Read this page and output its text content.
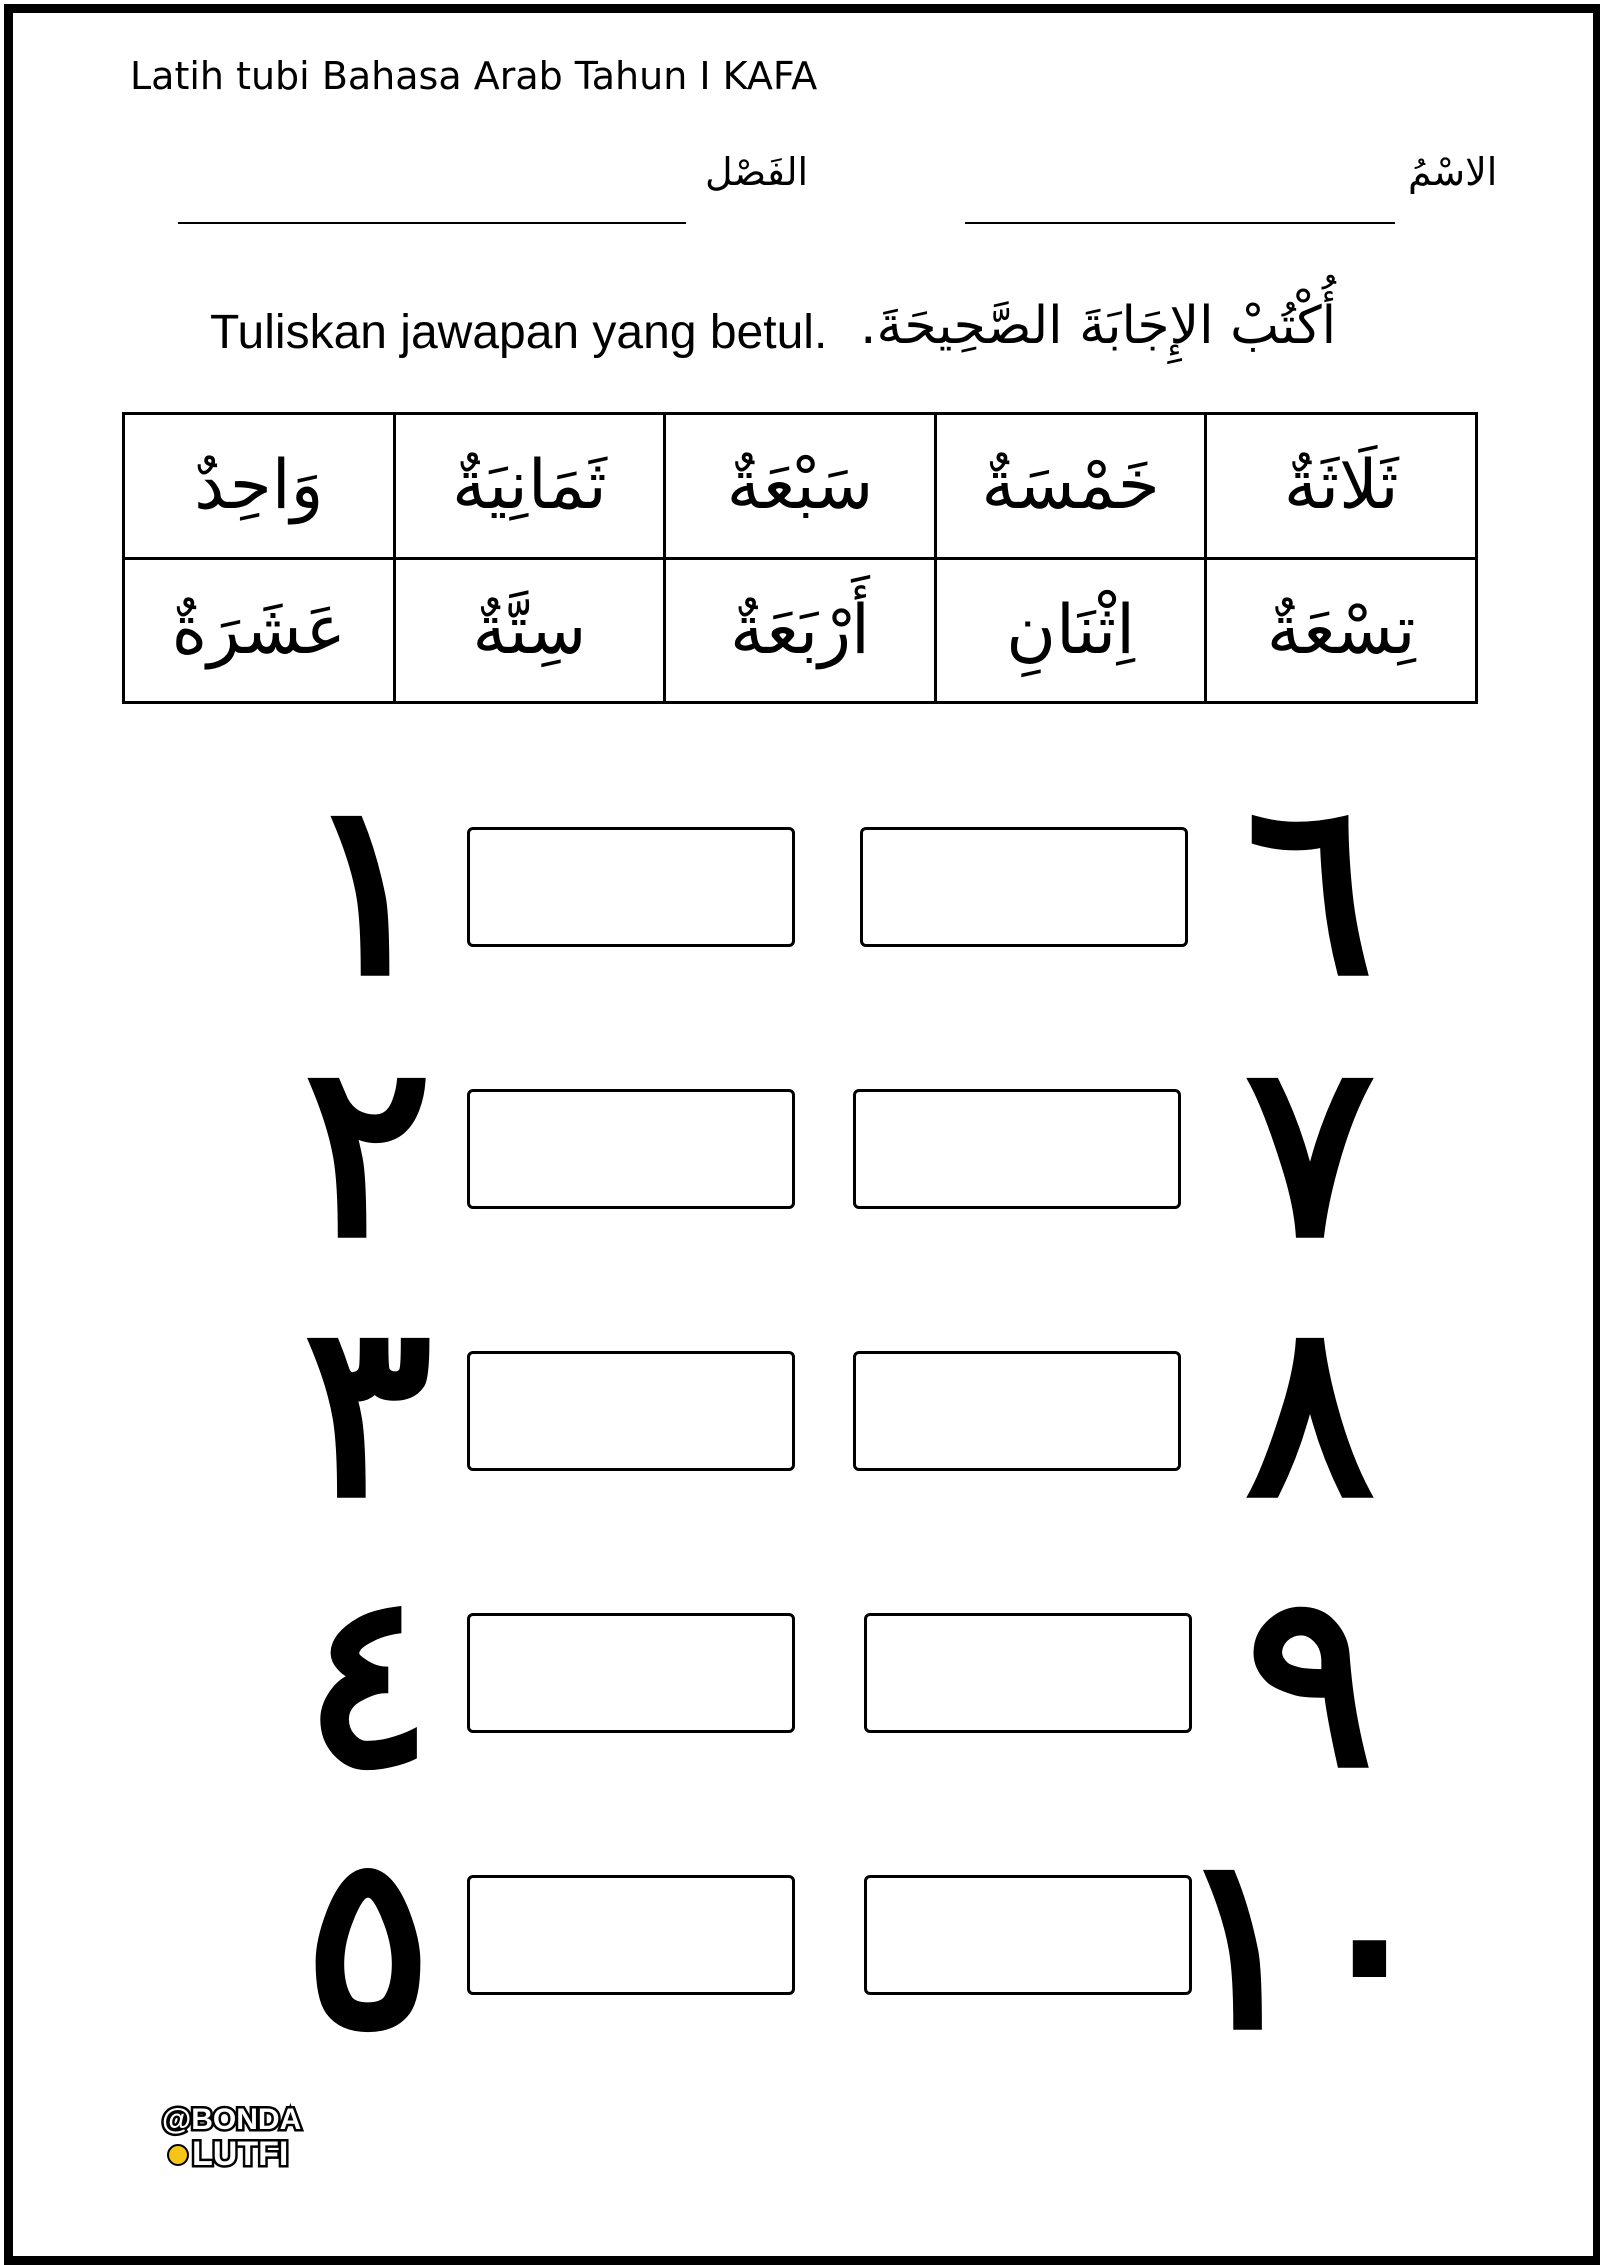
Latih tubi Bahasa Arab Tahun I KAFA
الفَصْل	الاسْمُ
Tuliskan jawapan yang betul. أُكْتُبْ الإِجَابَةَ الصَّحِيحَةَ.
وَاحِدٌ	ثَمَانِيَةٌ	سَبْعَةٌ	خَمْسَةٌ	ثَلَاثَةٌ
عَشَرَةٌ	سِتَّةٌ	أَرْبَعَةٌ	اِثْنَانِ	تِسْعَةٌ
١
٢
٣
٤
٥
٦
٧
٨
٩
١٠
@BONDA
LUTFI
